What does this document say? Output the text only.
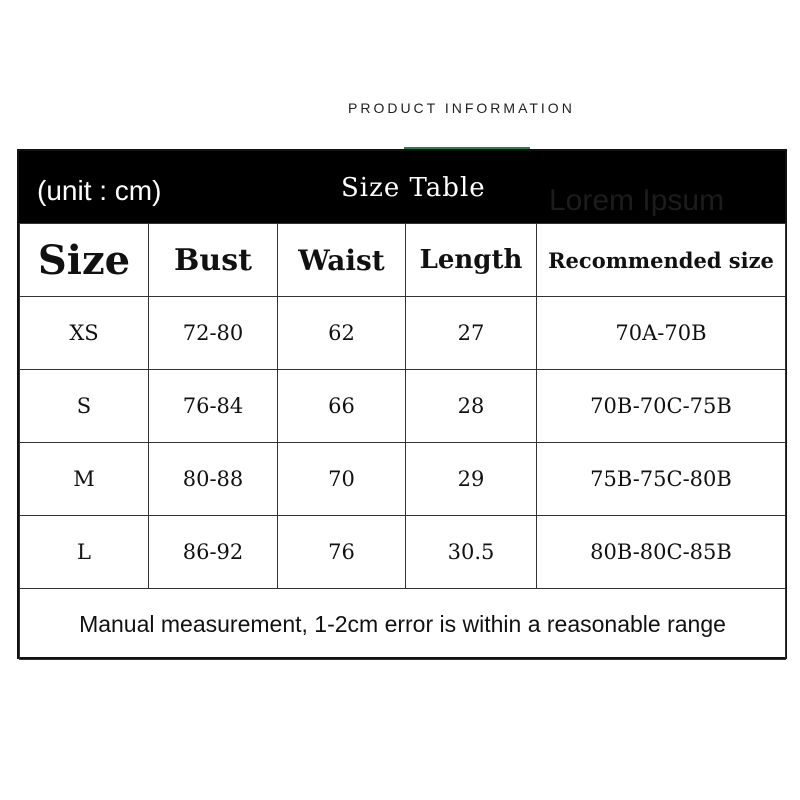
PRODUCT INFORMATION
(unit : cm)	Lorem Ipsum
Size Table
Size	Bust	Waist	Length	Recommended size
XS	72-80	62	27	70A-70B
S	76-84	66	28	70B-70C-75B
M	80-88	70	29	75B-75C-80B
L	86-92	76	30.5	80B-80C-85B
Manual measurement, 1-2cm error is within a reasonable range				
